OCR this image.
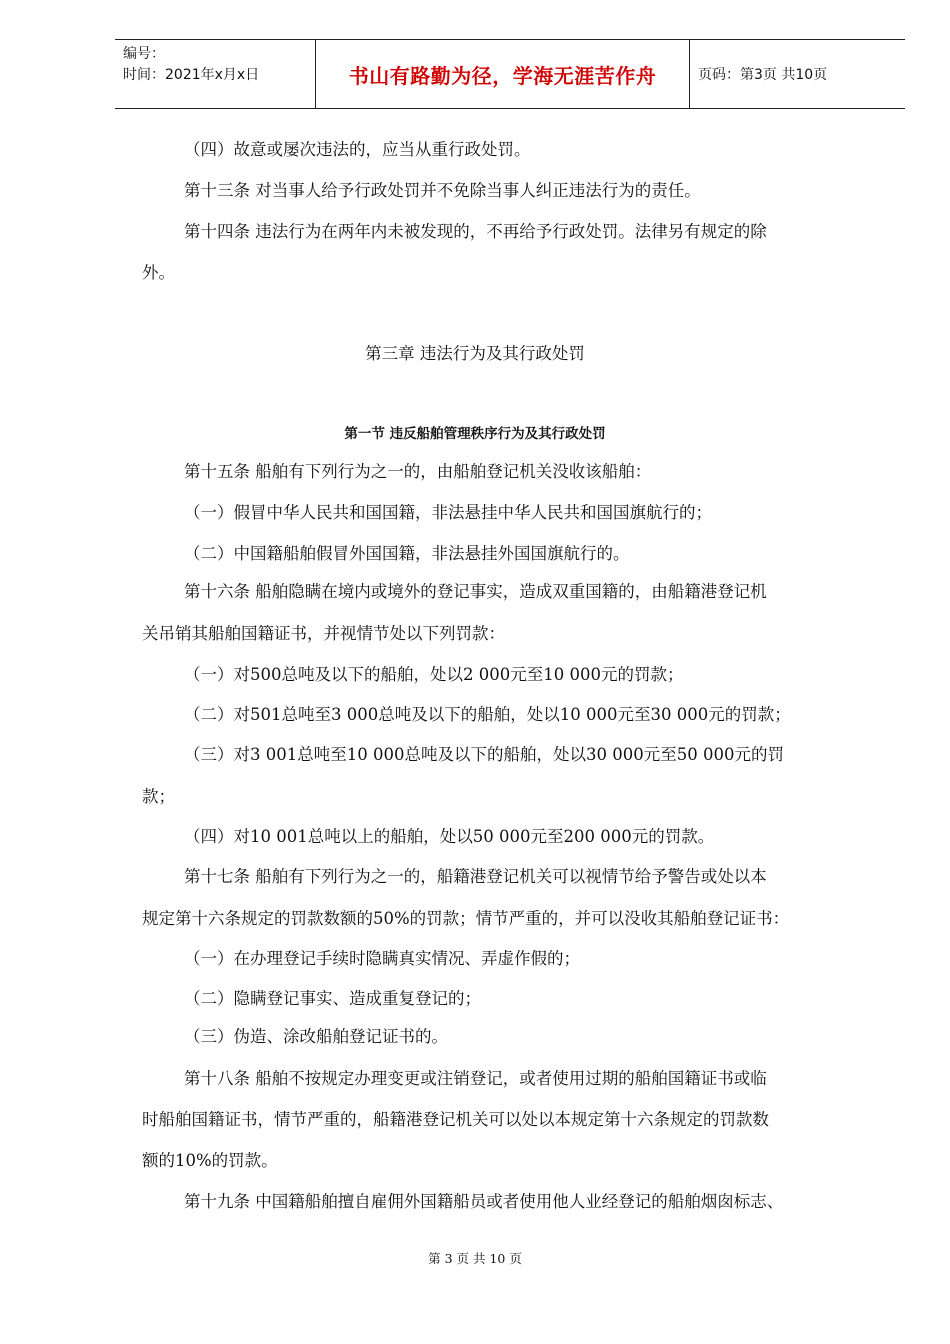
编号：
时间：2021年x月x日	书山有路勤为径，学海无涯苦作舟	页码：第3页 共10页
（四）故意或屡次违法的，应当从重行政处罚。
第十三条 对当事人给予行政处罚并不免除当事人纠正违法行为的责任。
第十四条 违法行为在两年内未被发现的，不再给予行政处罚。法律另有规定的除
外。
第三章 违法行为及其行政处罚
第一节 违反船舶管理秩序行为及其行政处罚
第十五条 船舶有下列行为之一的，由船舶登记机关没收该船舶：
（一）假冒中华人民共和国国籍，非法悬挂中华人民共和国国旗航行的；
（二）中国籍船舶假冒外国国籍，非法悬挂外国国旗航行的。
第十六条 船舶隐瞒在境内或境外的登记事实，造成双重国籍的，由船籍港登记机
关吊销其船舶国籍证书，并视情节处以下列罚款：
（一）对500总吨及以下的船舶，处以2 000元至10 000元的罚款；
（二）对501总吨至3 000总吨及以下的船舶，处以10 000元至30 000元的罚款；
（三）对3 001总吨至10 000总吨及以下的船舶，处以30 000元至50 000元的罚
款；
（四）对10 001总吨以上的船舶，处以50 000元至200 000元的罚款。
第十七条 船舶有下列行为之一的，船籍港登记机关可以视情节给予警告或处以本
规定第十六条规定的罚款数额的50%的罚款；情节严重的，并可以没收其船舶登记证书：
（一）在办理登记手续时隐瞒真实情况、弄虚作假的；
（二）隐瞒登记事实、造成重复登记的；
（三）伪造、涂改船舶登记证书的。
第十八条 船舶不按规定办理变更或注销登记，或者使用过期的船舶国籍证书或临
时船舶国籍证书，情节严重的，船籍港登记机关可以处以本规定第十六条规定的罚款数
额的10%的罚款。
第十九条 中国籍船舶擅自雇佣外国籍船员或者使用他人业经登记的船舶烟囱标志、
第 3 页 共 10 页
